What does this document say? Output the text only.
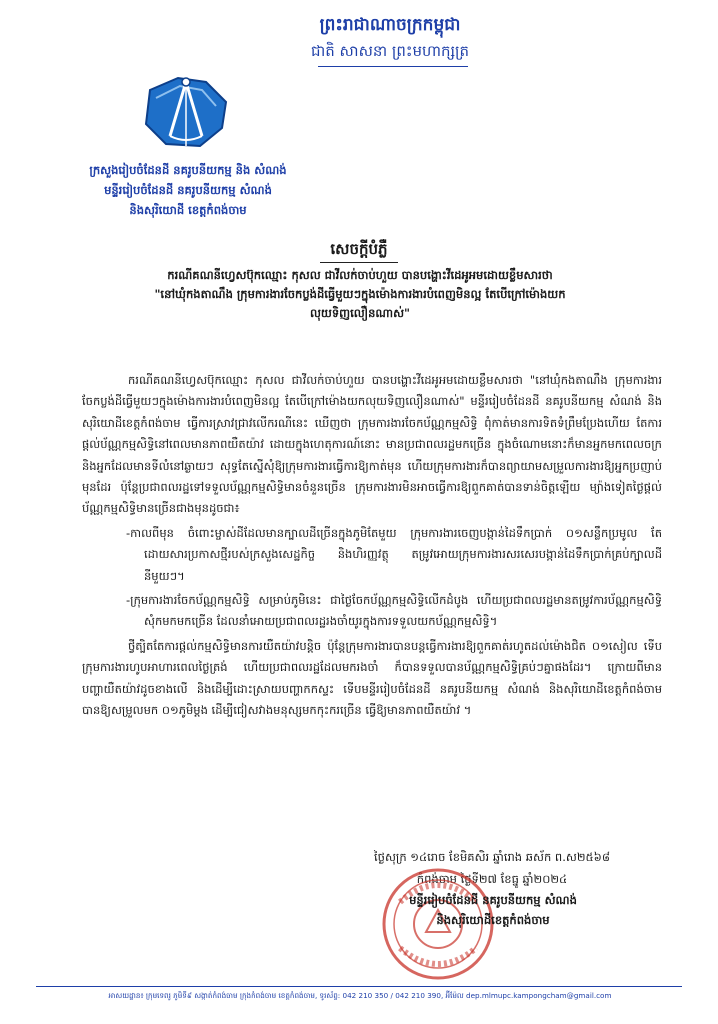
ព្រះរាជាណាចក្រកម្ពុជា
ជាតិ សាសនា ព្រះមហាក្សត្រ
ក្រសួងរៀបចំដែនដី នគរូបនីយកម្ម និង សំណង់
មន្ទីររៀបចំដែនដី នគរូបនីយកម្ម សំណង់
និងសុរិយោដី ខេត្តកំពង់ចាម
សេចក្តីបំភ្លឺ
ករណីគណនីហ្វេសប៊ុកឈ្មោះ កុសល ជាវីលក់ចាប់ហួយ បានបង្ហោះវីដេអូអមដោយខ្លឹមសារថា
"នៅឃុំកងតាណឹង ក្រុមការងារចែកប្លង់ដីធ្វើមួយៗក្នុងម៉ោងការងារបំពេញមិនល្អ តែបើក្រៅម៉ោងយក
លុយទិញលឿនណាស់"

ករណីគណនីហ្វេសប៊ុកឈ្មោះ កុសល ជាវីលក់ចាប់ហួយ បានបង្ហោះវីដេអូអមដោយខ្លឹមសារថា "នៅឃុំកងតាណឹង ក្រុមការងារចែកប្លង់ដីធ្វើមួយៗក្នុងម៉ោងការងារបំពេញមិនល្អ តែបើក្រៅម៉ោងយកលុយទិញលឿនណាស់" មន្ទីររៀបចំដែនដី នគរូបនីយកម្ម សំណង់ និងសុរិយោដីខេត្តកំពង់ចាម ធ្វើការស្រាវជ្រាវលើករណីនេះ ឃើញថា ក្រុមការងារចែកប័ណ្ណកម្មសិទ្ធិ ពុំកាត់មានការទិតទំព្រឹមប្រែងហើយ តែការផ្តល់ប័ណ្ណកម្មសិទ្ធិនៅពេលមានភាពយឺតយ៉ាវ ដោយក្នុងហេតុការណ៍នោះ មានប្រជាពលរដ្ឋមកច្រើន ក្នុងចំណោមនោះក៏មានអ្នកមកពេលចក្រ និងអ្នកដែលមានទីលំនៅឆ្ងាយៗ សុទ្ធតែស្នើសុំឱ្យក្រុមការងារធ្វើការឱ្យកាត់មុន ហើយក្រុមការងារក៏បានព្យាយាមសម្រួលការងារឱ្យអ្នកប្រញាប់មុនដែរ ប៉ុន្តែប្រជាពលរដ្ឋទៅទទួលប័ណ្ណកម្មសិទ្ធិមានចំនួនច្រើន ក្រុមការងារមិនអាចធ្វើការឱ្យពួកគាត់បានទាន់ចិត្តឡើយ ម្យ៉ាងទៀតថ្ងៃផ្តល់ប័ណ្ណកម្មសិទ្ធិមានច្រើនជាងមុនដូចជា៖

-កាលពីមុន ចំពោះម្ចាស់ដីដែលមានក្បាលដីច្រើនក្នុងភូមិតែមួយ ក្រុមការងារចេញបង្កាន់ដៃទឹកប្រាក់ ០១សន្លឹកប្រមូល តែដោយសារប្រកាសថ្មីរបស់ក្រសួងសេដ្ឋកិច្ច និងហិរញ្ញវត្ថុ តម្រូវអោយក្រុមការងារសរសេរបង្កាន់ដៃទឹកប្រាក់គ្រប់ក្បាលដីនីមួយៗ។

-ក្រុមការងារចែកប័ណ្ណកម្មសិទ្ធិ សម្រាប់ភូមិនេះ ជាថ្ងៃចែកប័ណ្ណកម្មសិទ្ធិលើកដំបូង ហើយប្រជាពលរដ្ឋមានតម្រូវការប័ណ្ណកម្មសិទ្ធិ សុំកមកមកច្រើន ដែលនាំអោយប្រជាពលរដ្ឋរងចាំយូរក្នុងការទទួលយកប័ណ្ណកម្មសិទ្ធិ។

ថ្វីត្បិតតែការផ្តល់កម្មសិទ្ធិមានការយឺតយ៉ាវបន្តិច ប៉ុន្តែក្រុមការងារបានបន្តធ្វើការងារឱ្យពួកគាត់រហូតដល់ម៉ោងជិត ០១សៀល ទើបក្រុមការងារហូបអាហារពេលថ្ងៃត្រង់ ហើយប្រជាពលរដ្ឋដែលមករងចាំ ក៏បានទទួលបានប័ណ្ណកម្មសិទ្ធិគ្រប់ៗគ្នាផងដែរ។ ក្រោយពីមានបញ្ហាយឺតយ៉ាវដូចខាងលើ និងដើម្បីដោះស្រាយបញ្ហាកកស្ទះ ទើបមន្ទីររៀបចំដែនដី នគរូបនីយកម្ម សំណង់ និងសុរិយោដីខេត្តកំពង់ចាម បានឱ្យសម្រួលមក ០១ភូមិម្តង ដើម្បីជៀសវាងមនុស្សមកកុះករច្រើន ធ្វើឱ្យមានភាពយឺតយ៉ាវ ។

ថ្ងៃសុក្រ ១៤រោច ខែមិគសិរ ឆ្នាំរោង ឆស័ក ព.ស២៥៦៨
កំពង់ចាម ថ្ងៃទី២៧ ខែធ្នូ ឆ្នាំ២០២៤
មន្ទីររៀបចំដែនដី នគរូបនីយកម្ម សំណង់
និងសុរិយោដីខេត្តកំពង់ចាម
អាសយដ្ឋាន៖ ក្រុមទេពរូ ភូមិទី៩ សង្កាត់កំពង់ចាម ក្រុងកំពង់ចាម ខេត្តកំពង់ចាម, ទូរស័ព្ទ: 042 210 350 / 042 210 390, អ៊ីម៉ែល dep.mlmupc.kampongcham@gmail.com
